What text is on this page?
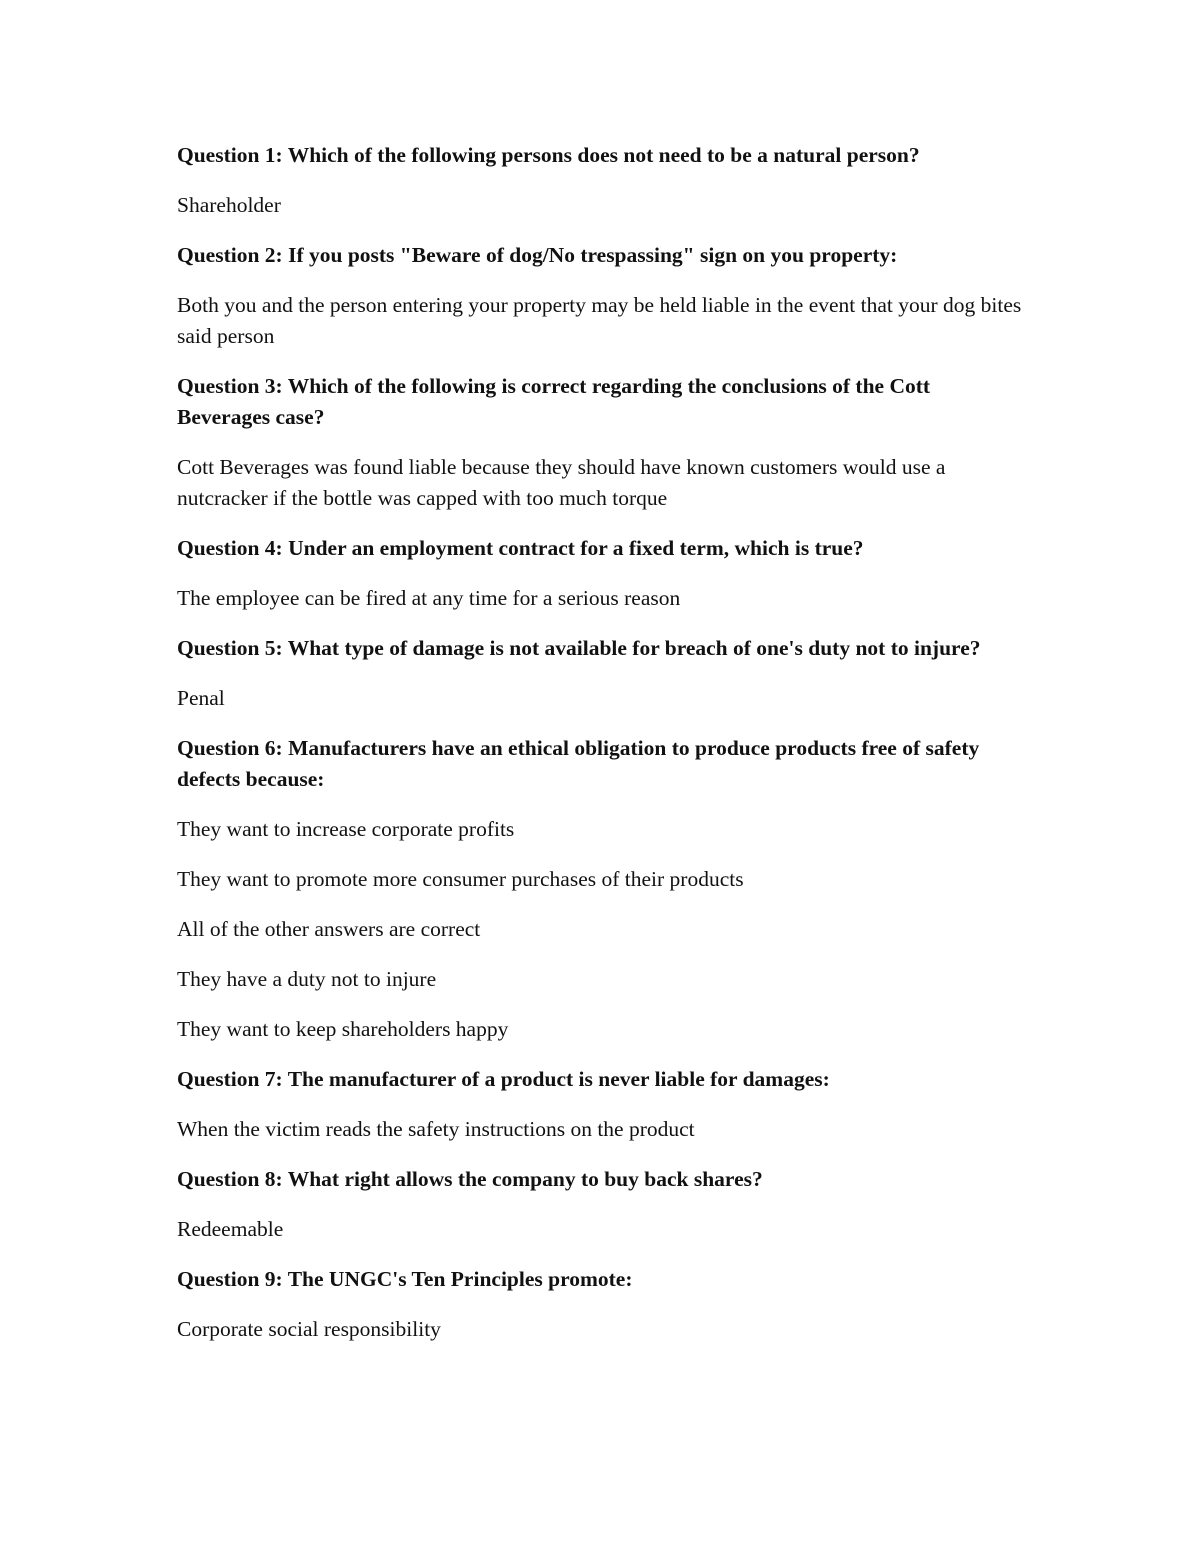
Question 1: Which of the following persons does not need to be a natural person?

Shareholder

Question 2: If you posts "Beware of dog/No trespassing" sign on you property:

Both you and the person entering your property may be held liable in the event that your dog bites said person

Question 3: Which of the following is correct regarding the conclusions of the Cott Beverages case?

Cott Beverages was found liable because they should have known customers would use a nutcracker if the bottle was capped with too much torque

Question 4: Under an employment contract for a fixed term, which is true?

The employee can be fired at any time for a serious reason

Question 5: What type of damage is not available for breach of one's duty not to injure?

Penal

Question 6: Manufacturers have an ethical obligation to produce products free of safety defects because:

They want to increase corporate profits

They want to promote more consumer purchases of their products

All of the other answers are correct

They have a duty not to injure

They want to keep shareholders happy

Question 7: The manufacturer of a product is never liable for damages:

When the victim reads the safety instructions on the product

Question 8: What right allows the company to buy back shares?

Redeemable

Question 9: The UNGC's Ten Principles promote:

Corporate social responsibility
